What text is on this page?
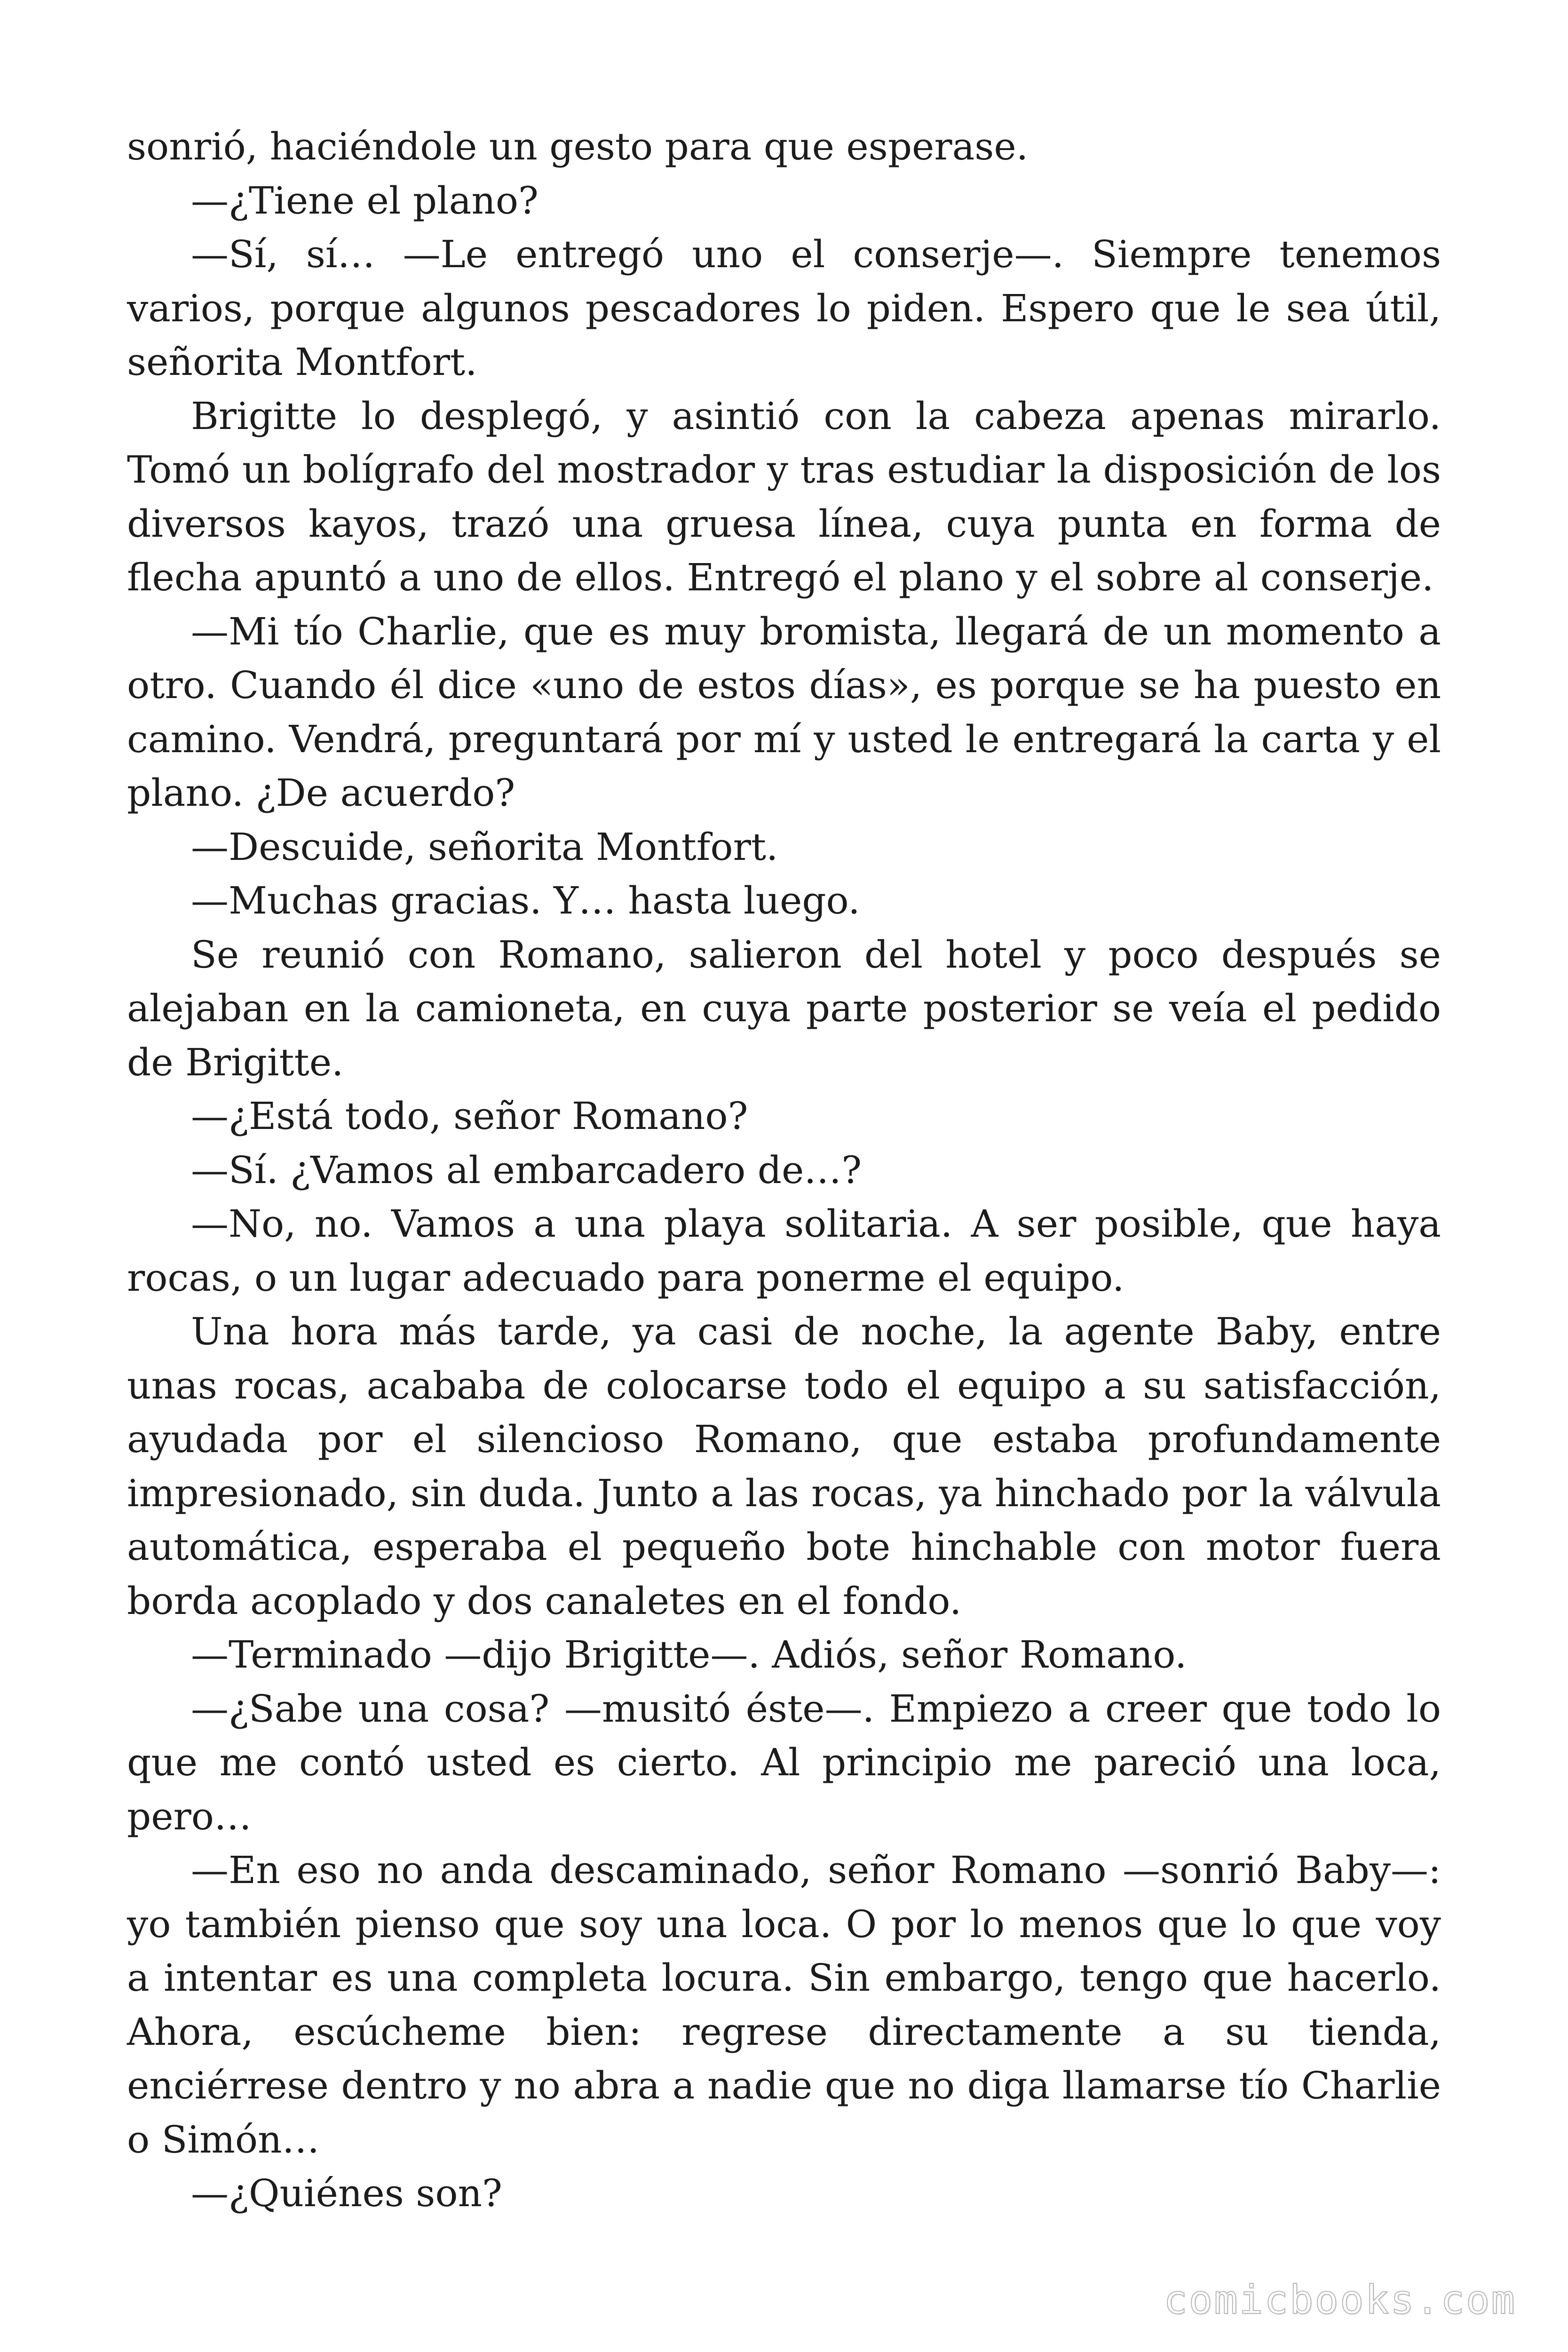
sonrió, haciéndole un gesto para que esperase.

—¿Tiene el plano?

—Sí, sí… —Le entregó uno el conserje—. Siempre tenemos varios, porque algunos pescadores lo piden. Espero que le sea útil, señorita Montfort.

Brigitte lo desplegó, y asintió con la cabeza apenas mirarlo. Tomó un bolígrafo del mostrador y tras estudiar la disposición de los diversos kayos, trazó una gruesa línea, cuya punta en forma de flecha apuntó a uno de ellos. Entregó el plano y el sobre al conserje.

—Mi tío Charlie, que es muy bromista, llegará de un momento a otro. Cuando él dice «uno de estos días», es porque se ha puesto en camino. Vendrá, preguntará por mí y usted le entregará la carta y el plano. ¿De acuerdo?

—Descuide, señorita Montfort.

—Muchas gracias. Y… hasta luego.

Se reunió con Romano, salieron del hotel y poco después se alejaban en la camioneta, en cuya parte posterior se veía el pedido de Brigitte.

—¿Está todo, señor Romano?

—Sí. ¿Vamos al embarcadero de…?

—No, no. Vamos a una playa solitaria. A ser posible, que haya rocas, o un lugar adecuado para ponerme el equipo.

Una hora más tarde, ya casi de noche, la agente Baby, entre unas rocas, acababa de colocarse todo el equipo a su satisfacción, ayudada por el silencioso Romano, que estaba profundamente impresionado, sin duda. Junto a las rocas, ya hinchado por la válvula automática, esperaba el pequeño bote hinchable con motor fuera borda acoplado y dos canaletes en el fondo.

—Terminado —dijo Brigitte—. Adiós, señor Romano.

—¿Sabe una cosa? —musitó éste—. Empiezo a creer que todo lo que me contó usted es cierto. Al principio me pareció una loca, pero…

—En eso no anda descaminado, señor Romano —sonrió Baby—: yo también pienso que soy una loca. O por lo menos que lo que voy a intentar es una completa locura. Sin embargo, tengo que hacerlo. Ahora, escúcheme bien: regrese directamente a su tienda, enciérrese dentro y no abra a nadie que no diga llamarse tío Charlie o Simón…

—¿Quiénes son?

comicbooks.com
